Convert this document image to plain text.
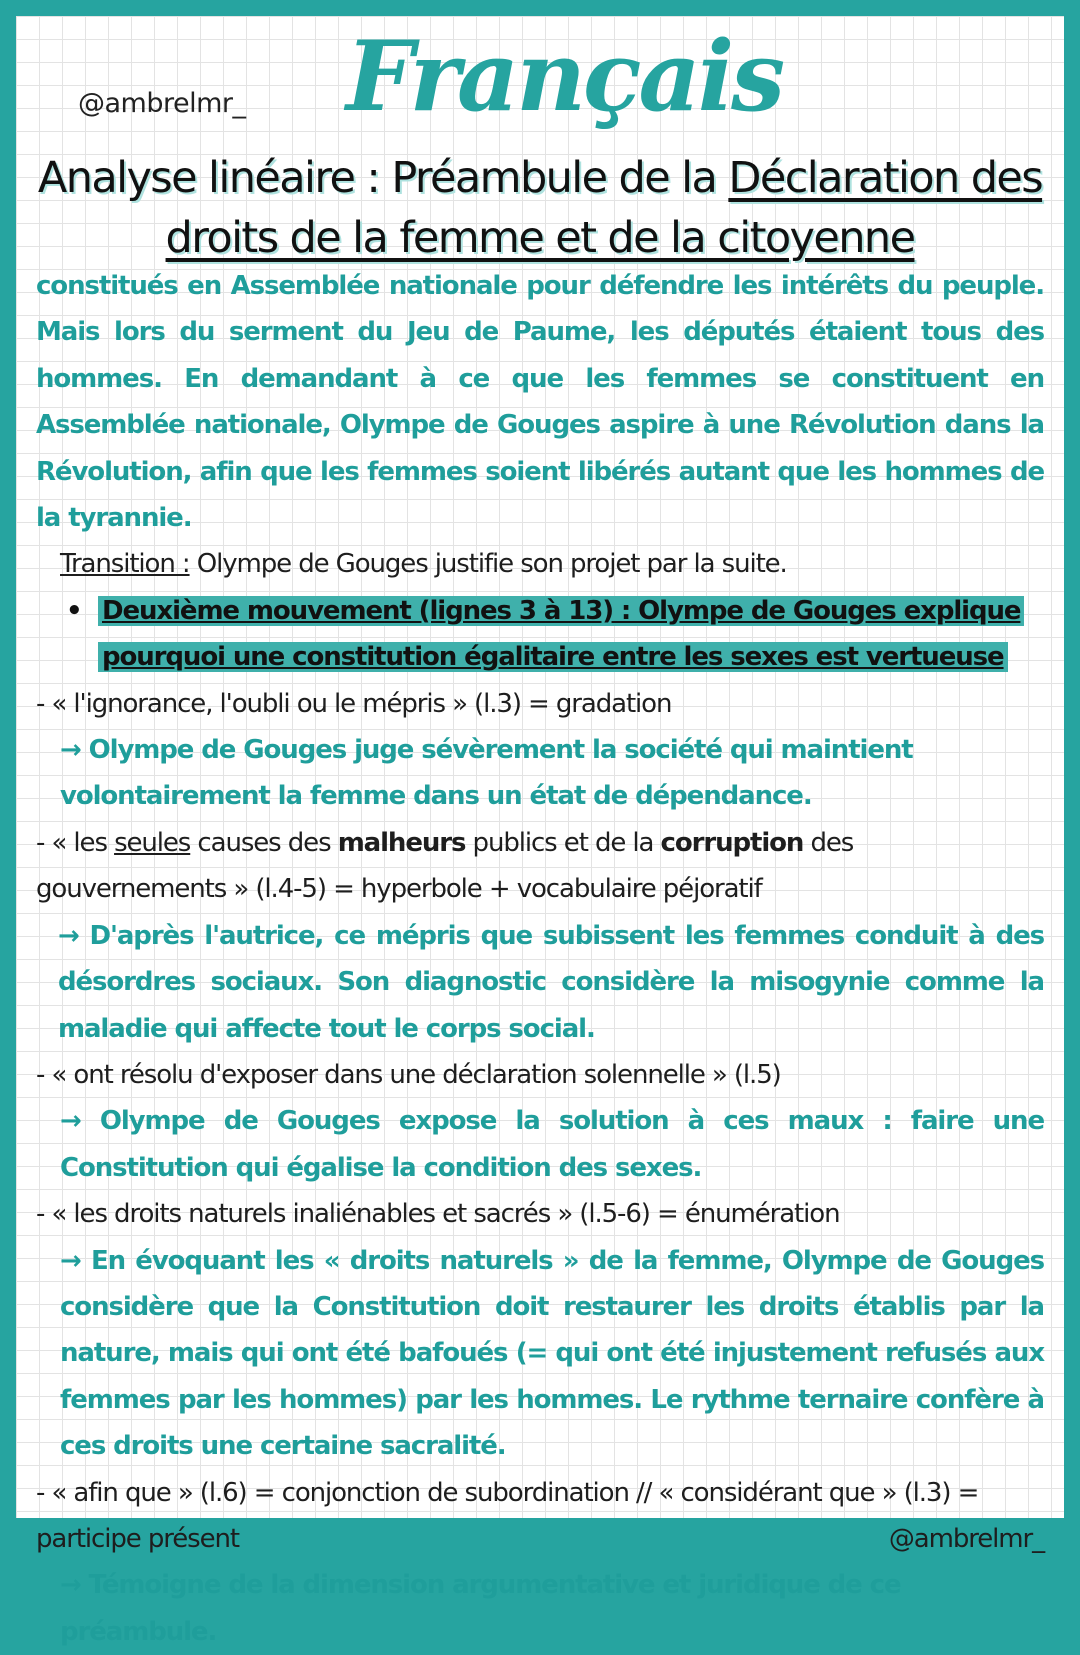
@ambrelmr_ Français
Analyse linéaire : Préambule de la Déclaration des droits de la femme et de la citoyenne

constitués en Assemblée nationale pour défendre les intérêts du peuple. Mais lors du serment du Jeu de Paume, les députés étaient tous des hommes. En demandant à ce que les femmes se constituent en Assemblée nationale, Olympe de Gouges aspire à une Révolution dans la Révolution, afin que les femmes soient libérés autant que les hommes de la tyrannie.

Transition : Olympe de Gouges justifie son projet par la suite.

• Deuxième mouvement (lignes 3 à 13) : Olympe de Gouges explique pourquoi une constitution égalitaire entre les sexes est vertueuse

- « l'ignorance, l'oubli ou le mépris » (l.3) = gradation

→ Olympe de Gouges juge sévèrement la société qui maintient volontairement la femme dans un état de dépendance.

- « les seules causes des malheurs publics et de la corruption des gouvernements » (l.4-5) = hyperbole + vocabulaire péjoratif

→ D'après l'autrice, ce mépris que subissent les femmes conduit à des désordres sociaux. Son diagnostic considère la misogynie comme la maladie qui affecte tout le corps social.

- « ont résolu d'exposer dans une déclaration solennelle » (l.5)

→ Olympe de Gouges expose la solution à ces maux : faire une Constitution qui égalise la condition des sexes.

- « les droits naturels inaliénables et sacrés » (l.5-6) = énumération

→ En évoquant les « droits naturels » de la femme, Olympe de Gouges considère que la Constitution doit restaurer les droits établis par la nature, mais qui ont été bafoués (= qui ont été injustement refusés aux femmes par les hommes) par les hommes. Le rythme ternaire confère à ces droits une certaine sacralité.

- « afin que » (l.6) = conjonction de subordination // « considérant que » (l.3) =

participe présent	@ambrelmr_

→ Témoigne de la dimension argumentative et juridique de ce préambule.
